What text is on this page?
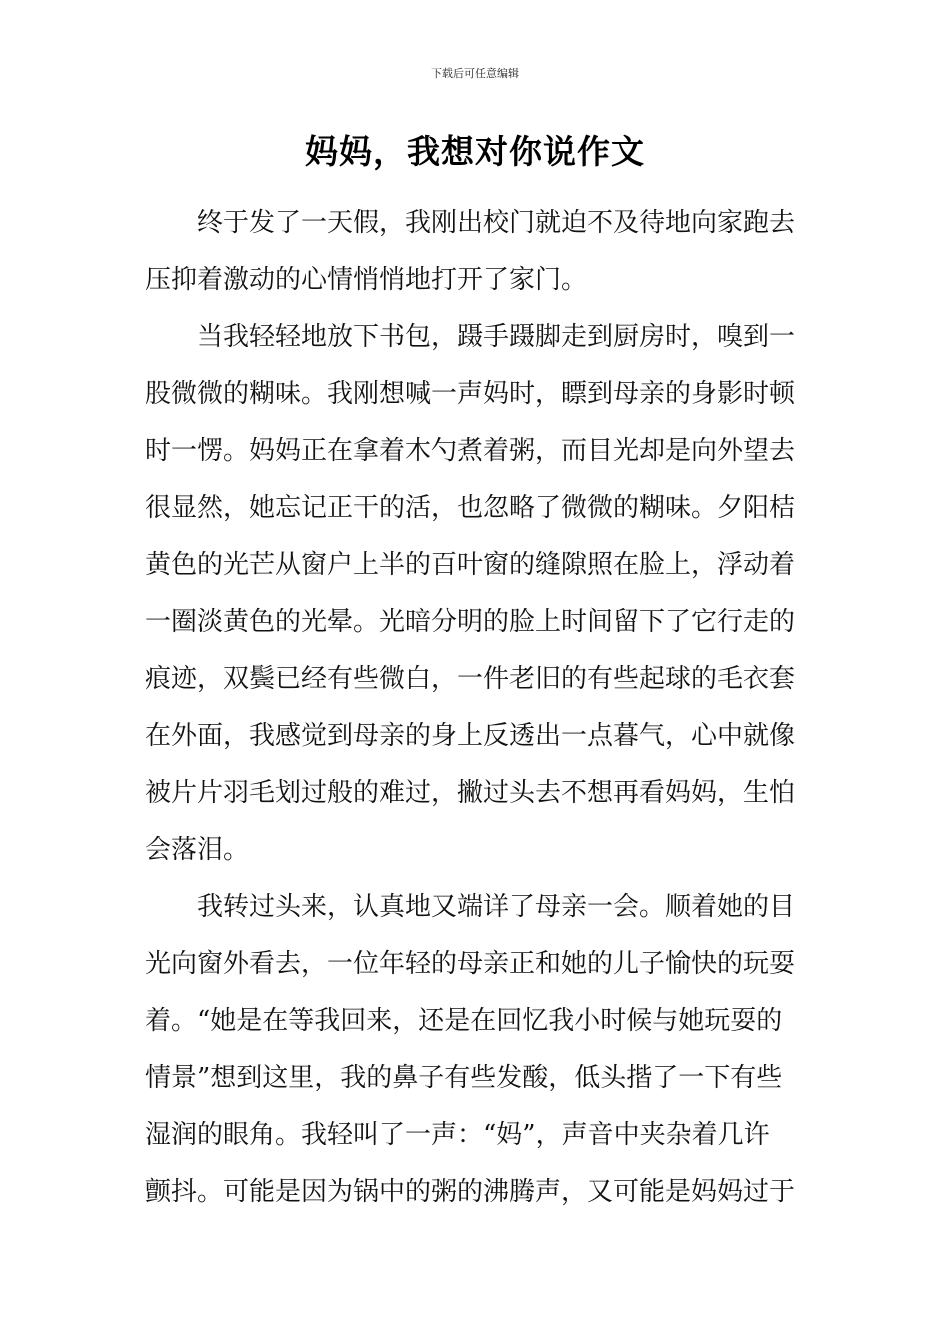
下载后可任意编辑
妈妈，我想对你说作文
终于发了一天假，我刚出校门就迫不及待地向家跑去
压抑着激动的心情悄悄地打开了家门。
当我轻轻地放下书包，蹑手蹑脚走到厨房时，嗅到一
股微微的糊味。我刚想喊一声妈时，瞟到母亲的身影时顿
时一愣。妈妈正在拿着木勺煮着粥，而目光却是向外望去
很显然，她忘记正干的活，也忽略了微微的糊味。夕阳桔
黄色的光芒从窗户上半的百叶窗的缝隙照在脸上，浮动着
一圈淡黄色的光晕。光暗分明的脸上时间留下了它行走的
痕迹，双鬓已经有些微白，一件老旧的有些起球的毛衣套
在外面，我感觉到母亲的身上反透出一点暮气，心中就像
被片片羽毛划过般的难过，撇过头去不想再看妈妈，生怕
会落泪。
我转过头来，认真地又端详了母亲一会。顺着她的目
光向窗外看去，一位年轻的母亲正和她的儿子愉快的玩耍
着。“她是在等我回来，还是在回忆我小时候与她玩耍的
情景”想到这里，我的鼻子有些发酸，低头揩了一下有些
湿润的眼角。我轻叫了一声：“妈”，声音中夹杂着几许
颤抖。可能是因为锅中的粥的沸腾声，又可能是妈妈过于
